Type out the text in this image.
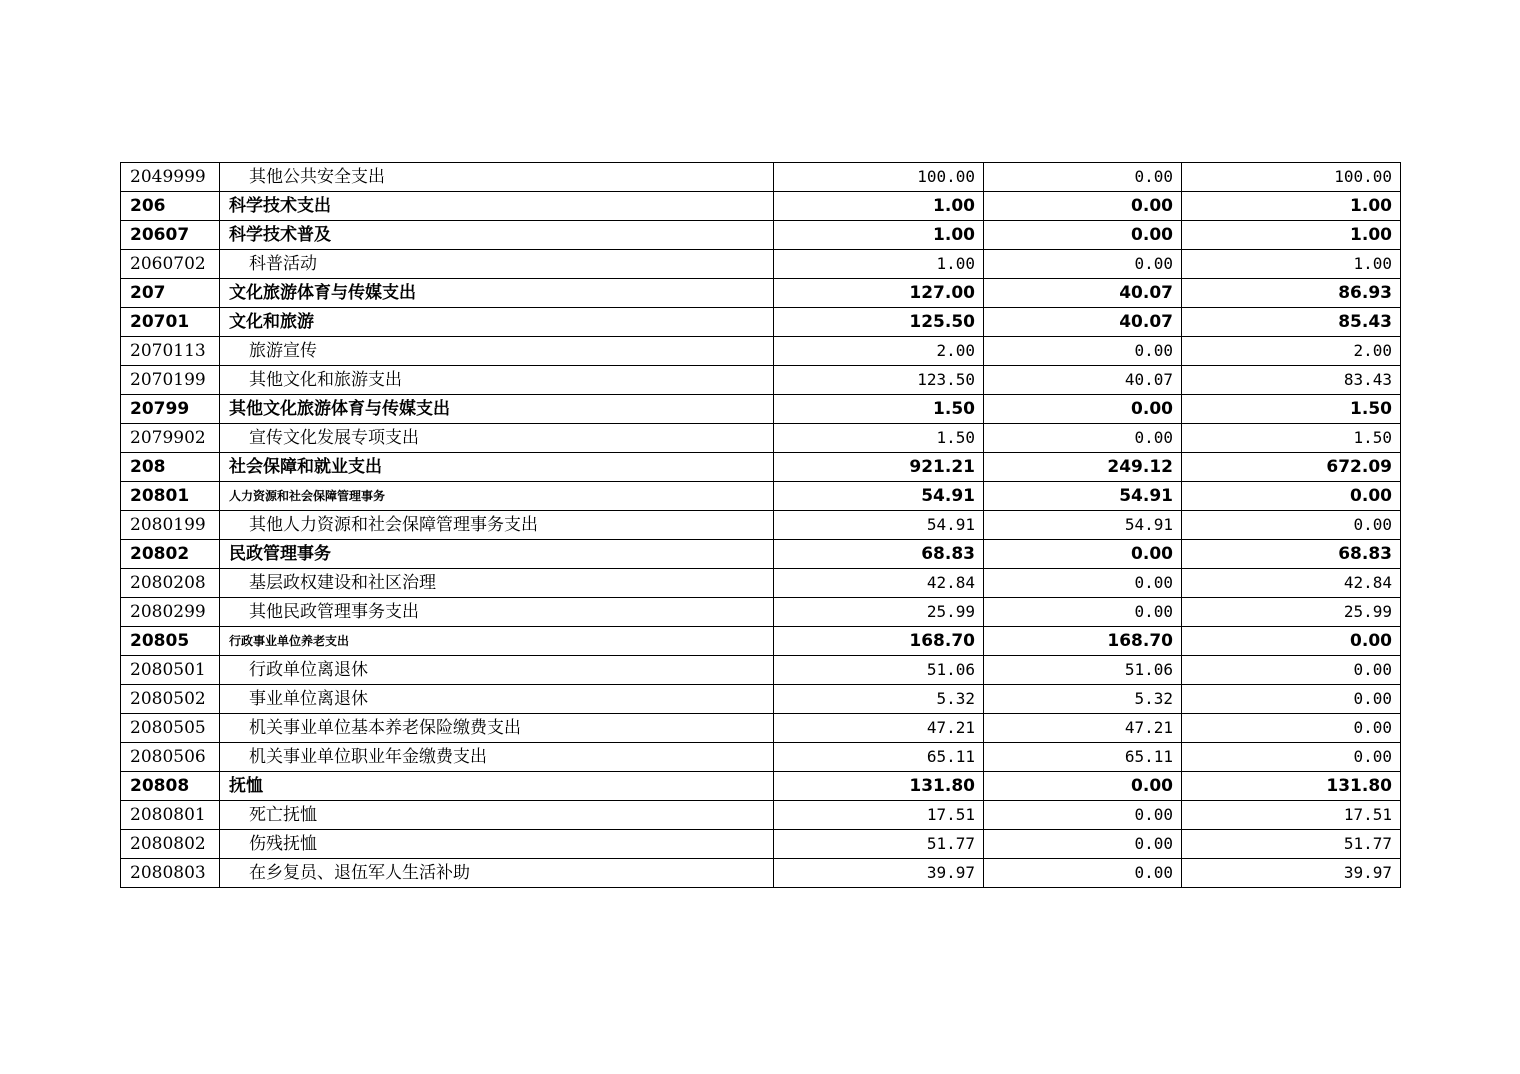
2049999	其他公共安全支出	100.00	0.00	100.00
206	科学技术支出	1.00	0.00	1.00
20607	科学技术普及	1.00	0.00	1.00
2060702	科普活动	1.00	0.00	1.00
207	文化旅游体育与传媒支出	127.00	40.07	86.93
20701	文化和旅游	125.50	40.07	85.43
2070113	旅游宣传	2.00	0.00	2.00
2070199	其他文化和旅游支出	123.50	40.07	83.43
20799	其他文化旅游体育与传媒支出	1.50	0.00	1.50
2079902	宣传文化发展专项支出	1.50	0.00	1.50
208	社会保障和就业支出	921.21	249.12	672.09
20801	人力资源和社会保障管理事务	54.91	54.91	0.00
2080199	其他人力资源和社会保障管理事务支出	54.91	54.91	0.00
20802	民政管理事务	68.83	0.00	68.83
2080208	基层政权建设和社区治理	42.84	0.00	42.84
2080299	其他民政管理事务支出	25.99	0.00	25.99
20805	行政事业单位养老支出	168.70	168.70	0.00
2080501	行政单位离退休	51.06	51.06	0.00
2080502	事业单位离退休	5.32	5.32	0.00
2080505	机关事业单位基本养老保险缴费支出	47.21	47.21	0.00
2080506	机关事业单位职业年金缴费支出	65.11	65.11	0.00
20808	抚恤	131.80	0.00	131.80
2080801	死亡抚恤	17.51	0.00	17.51
2080802	伤残抚恤	51.77	0.00	51.77
2080803	在乡复员、退伍军人生活补助	39.97	0.00	39.97
